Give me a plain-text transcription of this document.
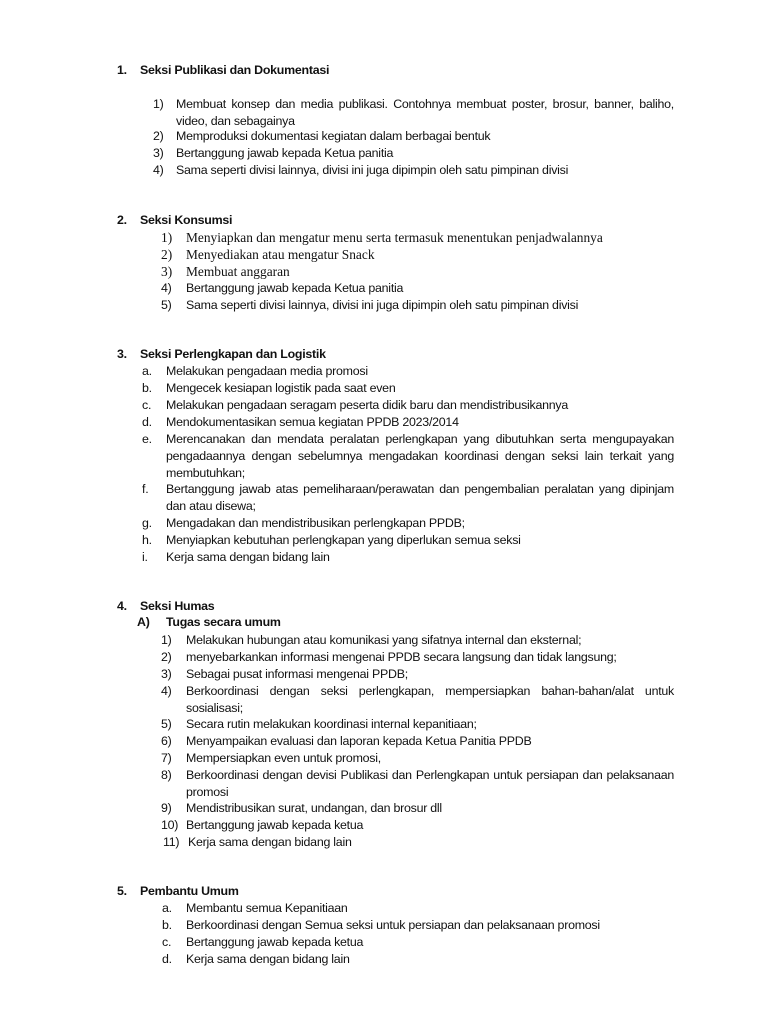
1. Seksi Publikasi dan Dokumentasi
1) Membuat konsep dan media publikasi. Contohnya membuat poster, brosur, banner, baliho, video, dan sebagainya
2) Memproduksi dokumentasi kegiatan dalam berbagai bentuk
3) Bertanggung jawab kepada Ketua panitia
4) Sama seperti divisi lainnya, divisi ini juga dipimpin oleh satu pimpinan divisi
2. Seksi Konsumsi
1) Menyiapkan dan mengatur menu serta termasuk menentukan penjadwalannya
2) Menyediakan atau mengatur Snack
3) Membuat anggaran
4) Bertanggung jawab kepada Ketua panitia
5) Sama seperti divisi lainnya, divisi ini juga dipimpin oleh satu pimpinan divisi
3. Seksi Perlengkapan dan Logistik
a. Melakukan pengadaan media promosi
b. Mengecek kesiapan logistik pada saat even
c. Melakukan pengadaan seragam peserta didik baru dan mendistribusikannya
d. Mendokumentasikan semua kegiatan PPDB 2023/2014
e. Merencanakan dan mendata peralatan perlengkapan yang dibutuhkan serta mengupayakan pengadaannya dengan sebelumnya mengadakan koordinasi dengan seksi lain terkait yang membutuhkan;
f. Bertanggung jawab atas pemeliharaan/perawatan dan pengembalian peralatan yang dipinjam dan atau disewa;
g. Mengadakan dan mendistribusikan perlengkapan PPDB;
h. Menyiapkan kebutuhan perlengkapan yang diperlukan semua seksi
i. Kerja sama dengan bidang lain
4. Seksi Humas
A) Tugas secara umum
1) Melakukan hubungan atau komunikasi yang sifatnya internal dan eksternal;
2) menyebarkankan informasi mengenai PPDB secara langsung dan tidak langsung;
3) Sebagai pusat informasi mengenai PPDB;
4) Berkoordinasi dengan seksi perlengkapan, mempersiapkan bahan-bahan/alat untuk sosialisasi;
5) Secara rutin melakukan koordinasi internal kepanitiaan;
6) Menyampaikan evaluasi dan laporan kepada Ketua Panitia PPDB
7) Mempersiapkan even untuk promosi,
8) Berkoordinasi dengan devisi Publikasi dan Perlengkapan untuk persiapan dan pelaksanaan promosi
9) Mendistribusikan surat, undangan, dan brosur dll
10) Bertanggung jawab kepada ketua
11) Kerja sama dengan bidang lain
5. Pembantu Umum
a. Membantu semua Kepanitiaan
b. Berkoordinasi dengan Semua seksi untuk persiapan dan pelaksanaan promosi
c. Bertanggung jawab kepada ketua
d. Kerja sama dengan bidang lain
